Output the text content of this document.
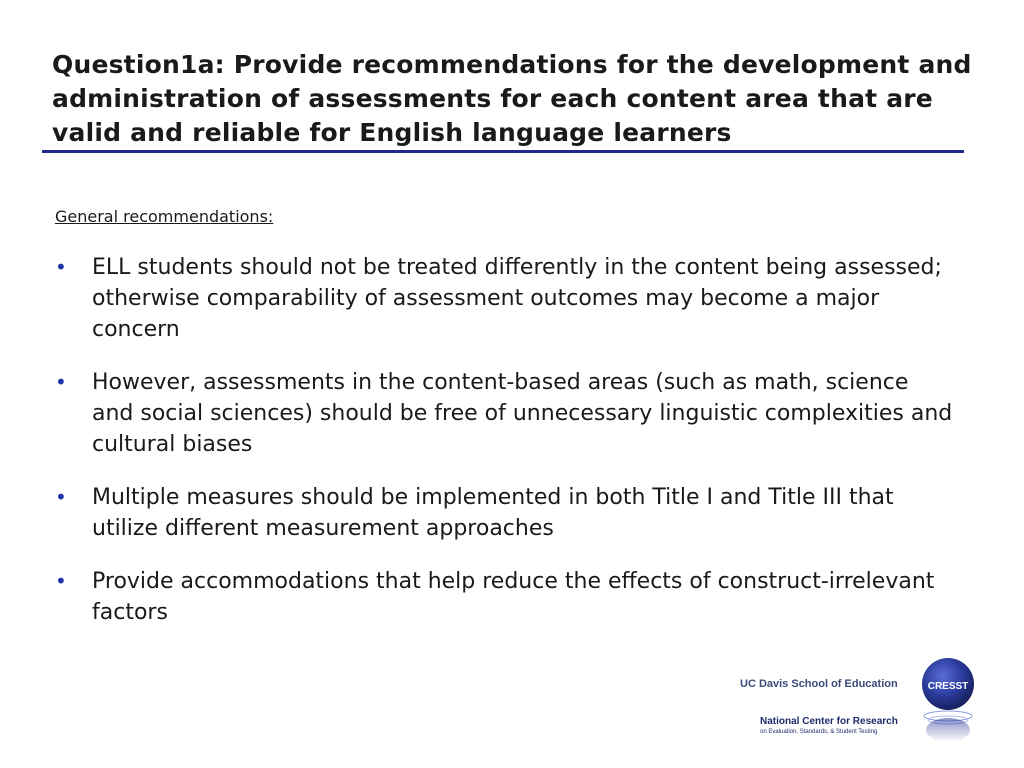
Question1a: Provide recommendations for the development and administration of assessments for each content area that are valid and reliable for English language learners
General recommendations:
• ELL students should not be treated differently in the content being assessed; otherwise comparability of assessment outcomes may become a major concern
• However, assessments in the content-based areas (such as math, science and social sciences) should be free of unnecessary linguistic complexities and cultural biases
• Multiple measures should be implemented in both Title I and Title III that utilize different measurement approaches
• Provide accommodations that help reduce the effects of construct-irrelevant factors
UC Davis School of Education
National Center for Research
on Evaluation, Standards, & Student Testing
CRESST
